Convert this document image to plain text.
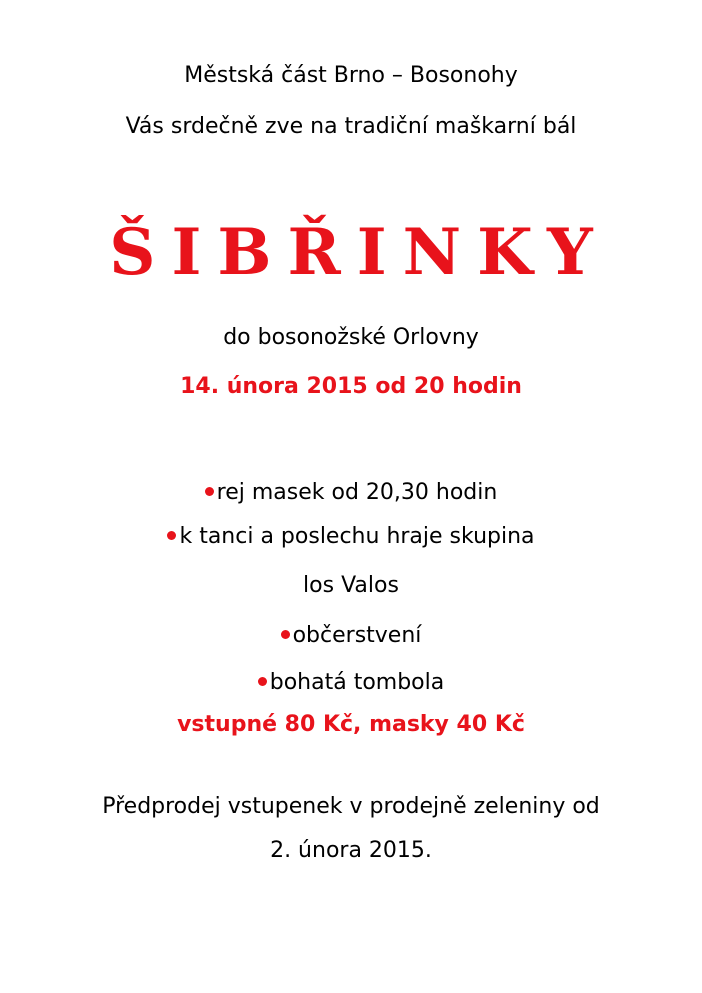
Městská část Brno – Bosonohy
Vás srdečně zve na tradiční maškarní bál
ŠIBŘINKY
do bosonožské Orlovny
14. února 2015 od 20 hodin
rej masek od 20,30 hodin
k tanci a poslechu hraje skupina
los Valos
občerstvení
bohatá tombola
vstupné 80 Kč, masky 40 Kč
Předprodej vstupenek v prodejně zeleniny od
2. února 2015.
